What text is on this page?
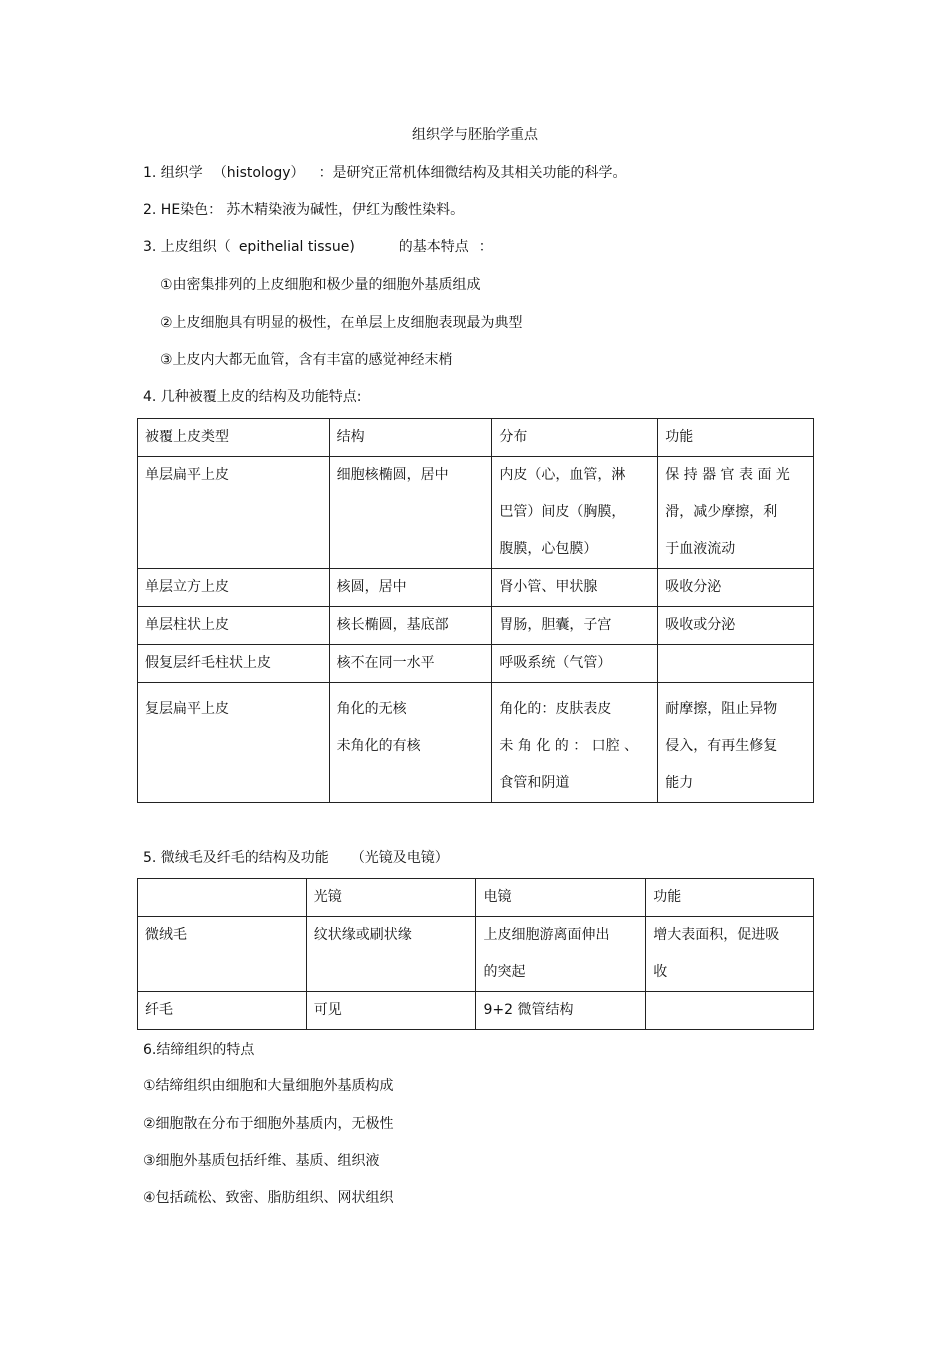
组织学与胚胎学重点
1. 组织学 （histology） ：是研究正常机体细微结构及其相关功能的科学。
2. HE染色： 苏木精染液为碱性，伊红为酸性染料。
3. 上皮组织（ epithelial tissue)	的基本特点 ：
①由密集排列的上皮细胞和极少量的细胞外基质组成
②上皮细胞具有明显的极性，在单层上皮细胞表现最为典型
③上皮内大都无血管，含有丰富的感觉神经末梢
4. 几种被覆上皮的结构及功能特点:
被覆上皮类型	结构	分布	功能
单层扁平上皮	细胞核椭圆，居中	内皮（心，血管，淋
巴管）间皮（胸膜，
腹膜，心包膜）	保 持 器 官 表 面 光
滑，减少摩擦，利
于血液流动
单层立方上皮	核圆，居中	肾小管、甲状腺	吸收分泌
单层柱状上皮	核长椭圆，基底部	胃肠，胆囊，子宫	吸收或分泌
假复层纤毛柱状上皮	核不在同一水平	呼吸系统（气管）	
复层扁平上皮	角化的无核
未角化的有核	角化的：皮肤表皮
未 角 化 的 ： 口腔 、
食管和阴道	耐摩擦，阻止异物
侵入，有再生修复
能力
5. 微绒毛及纤毛的结构及功能 （光镜及电镜）
	光镜	电镜	功能
微绒毛	纹状缘或刷状缘	上皮细胞游离面伸出
的突起	增大表面积，促进吸
收
纤毛	可见	9+2 微管结构	
6.结缔组织的特点
①结缔组织由细胞和大量细胞外基质构成
②细胞散在分布于细胞外基质内，无极性
③细胞外基质包括纤维、基质、组织液
④包括疏松、致密、脂肪组织、网状组织
